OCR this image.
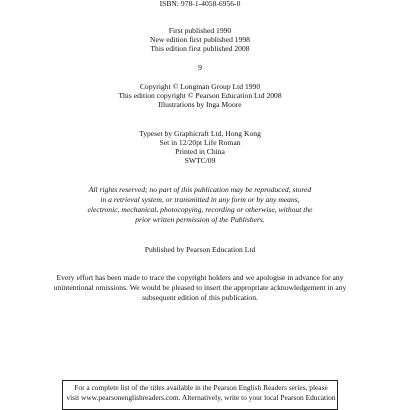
ISBN: 978-1-4058-6956-0
First published 1990
New edition first published 1998
This edition first published 2008
9
Copyright © Longman Group Ltd 1990
This edition copyright © Pearson Education Ltd 2008
Illustrations by Inga Moore
Typeset by Graphicraft Ltd, Hong Kong
Set in 12/20pt Life Roman
Printed in China
SWTC/09
All rights reserved; no part of this publication may be reproduced, stored
in a retrieval system, or transmitted in any form or by any means,
electronic, mechanical, photocopying, recording or otherwise, without the
prior written permission of the Publishers.
Published by Pearson Education Ltd
Every effort has been made to trace the copyright holders and we apologise in advance for any
unintentional omissions. We would be pleased to insert the appropriate acknowledgement in any
subsequent edition of this publication.
For a complete list of the titles available in the Pearson English Readers series, please
visit www.pearsonenglishreaders.com. Alternatively, write to your local Pearson Education
